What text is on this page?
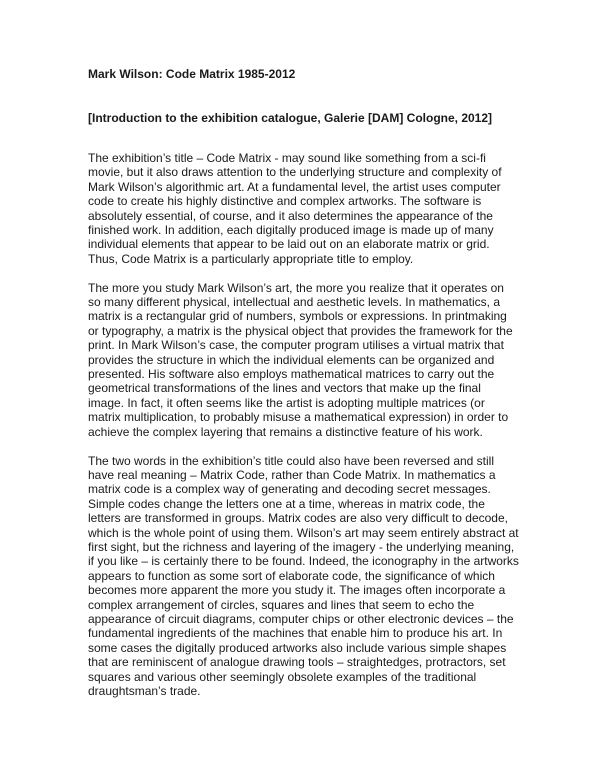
Mark Wilson: Code Matrix 1985-2012
[Introduction to the exhibition catalogue, Galerie [DAM] Cologne, 2012]

The exhibition’s title – Code Matrix - may sound like something from a sci-fi
movie, but it also draws attention to the underlying structure and complexity of
Mark Wilson’s algorithmic art. At a fundamental level, the artist uses computer
code to create his highly distinctive and complex artworks. The software is
absolutely essential, of course, and it also determines the appearance of the
finished work. In addition, each digitally produced image is made up of many
individual elements that appear to be laid out on an elaborate matrix or grid.
Thus, Code Matrix is a particularly appropriate title to employ.

The more you study Mark Wilson’s art, the more you realize that it operates on
so many different physical, intellectual and aesthetic levels. In mathematics, a
matrix is a rectangular grid of numbers, symbols or expressions. In printmaking
or typography, a matrix is the physical object that provides the framework for the
print. In Mark Wilson’s case, the computer program utilises a virtual matrix that
provides the structure in which the individual elements can be organized and
presented. His software also employs mathematical matrices to carry out the
geometrical transformations of the lines and vectors that make up the final
image. In fact, it often seems like the artist is adopting multiple matrices (or
matrix multiplication, to probably misuse a mathematical expression) in order to
achieve the complex layering that remains a distinctive feature of his work.

The two words in the exhibition’s title could also have been reversed and still
have real meaning – Matrix Code, rather than Code Matrix. In mathematics a
matrix code is a complex way of generating and decoding secret messages.
Simple codes change the letters one at a time, whereas in matrix code, the
letters are transformed in groups. Matrix codes are also very difficult to decode,
which is the whole point of using them. Wilson’s art may seem entirely abstract at
first sight, but the richness and layering of the imagery - the underlying meaning,
if you like – is certainly there to be found. Indeed, the iconography in the artworks
appears to function as some sort of elaborate code, the significance of which
becomes more apparent the more you study it. The images often incorporate a
complex arrangement of circles, squares and lines that seem to echo the
appearance of circuit diagrams, computer chips or other electronic devices – the
fundamental ingredients of the machines that enable him to produce his art. In
some cases the digitally produced artworks also include various simple shapes
that are reminiscent of analogue drawing tools – straightedges, protractors, set
squares and various other seemingly obsolete examples of the traditional
draughtsman’s trade.
